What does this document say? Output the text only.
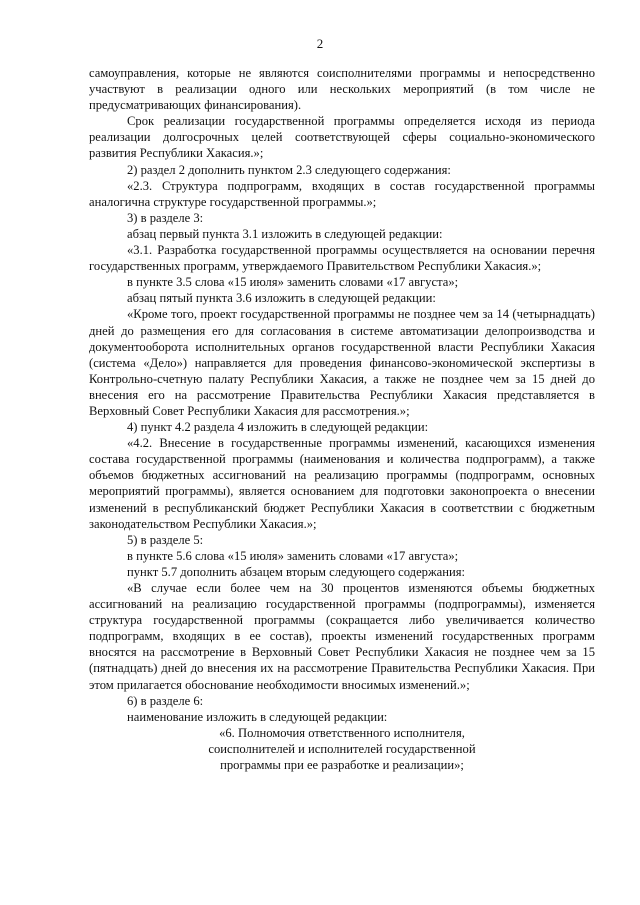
2

самоуправления, которые не являются соисполнителями программы и непосредственно участвуют в реализации одного или нескольких мероприятий (в том числе не предусматривающих финансирования).

Срок реализации государственной программы определяется исходя из периода реализации долгосрочных целей соответствующей сферы социально-экономического развития Республики Хакасия.»;

2) раздел 2 дополнить пунктом 2.3 следующего содержания:

«2.3. Структура подпрограмм, входящих в состав государственной программы аналогична структуре государственной программы.»;

3) в разделе 3:

абзац первый пункта 3.1 изложить в следующей редакции:

«3.1. Разработка государственной программы осуществляется на основании перечня государственных программ, утверждаемого Правительством Республики Хакасия.»;

в пункте 3.5 слова «15 июля» заменить словами «17 августа»;

абзац пятый пункта 3.6 изложить в следующей редакции:

«Кроме того, проект государственной программы не позднее чем за 14 (четырнадцать) дней до размещения его для согласования в системе автоматизации делопроизводства и документооборота исполнительных органов государственной власти Республики Хакасия (система «Дело») направляется для проведения финансово-экономической экспертизы в Контрольно-счетную палату Республики Хакасия, а также не позднее чем за 15 дней до внесения его на рассмотрение Правительства Республики Хакасия представляется в Верховный Совет Республики Хакасия для рассмотрения.»;

4) пункт 4.2 раздела 4 изложить в следующей редакции:

«4.2. Внесение в государственные программы изменений, касающихся изменения состава государственной программы (наименования и количества подпрограмм), а также объемов бюджетных ассигнований на реализацию программы (подпрограмм, основных мероприятий программы), является основанием для подготовки законопроекта о внесении изменений в республиканский бюджет Республики Хакасия в соответствии с бюджетным законодательством Республики Хакасия.»;

5) в разделе 5:

в пункте 5.6 слова «15 июля» заменить словами «17 августа»;

пункт 5.7 дополнить абзацем вторым следующего содержания:

«В случае если более чем на 30 процентов изменяются объемы бюджетных ассигнований на реализацию государственной программы (подпрограммы), изменяется структура государственной программы (сокращается либо увеличивается количество подпрограмм, входящих в ее состав), проекты изменений государственных программ вносятся на рассмотрение в Верховный Совет Республики Хакасия не позднее чем за 15 (пятнадцать) дней до внесения их на рассмотрение Правительства Республики Хакасия. При этом прилагается обоснование необходимости вносимых изменений.»;

6) в разделе 6:

наименование изложить в следующей редакции:

«6. Полномочия ответственного исполнителя,

соисполнителей и исполнителей государственной

программы при ее разработке и реализации»;
